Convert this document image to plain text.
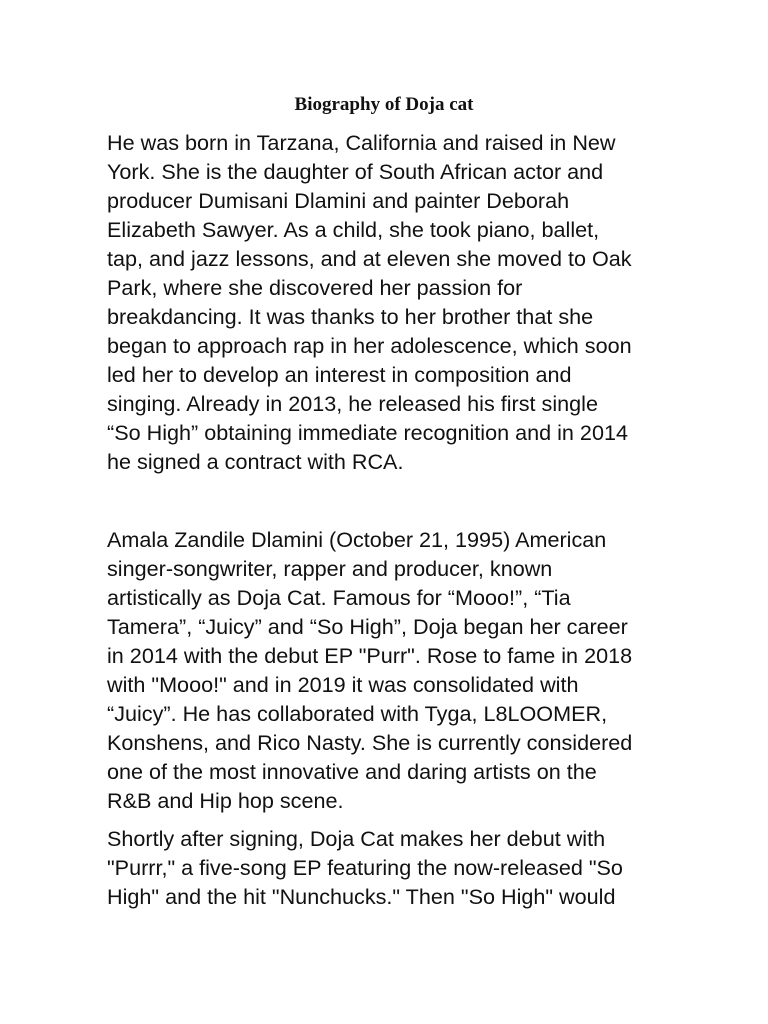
Biography of Doja cat

He was born in Tarzana, California and raised in New
York. She is the daughter of South African actor and
producer Dumisani Dlamini and painter Deborah
Elizabeth Sawyer. As a child, she took piano, ballet,
tap, and jazz lessons, and at eleven she moved to Oak
Park, where she discovered her passion for
breakdancing. It was thanks to her brother that she
began to approach rap in her adolescence, which soon
led her to develop an interest in composition and
singing. Already in 2013, he released his first single
“So High” obtaining immediate recognition and in 2014
he signed a contract with RCA.

Amala Zandile Dlamini (October 21, 1995) American
singer-songwriter, rapper and producer, known
artistically as Doja Cat. Famous for “Mooo!”, “Tia
Tamera”, “Juicy” and “So High”, Doja began her career
in 2014 with the debut EP "Purr". Rose to fame in 2018
with "Mooo!" and in 2019 it was consolidated with
“Juicy”. He has collaborated with Tyga, L8LOOMER,
Konshens, and Rico Nasty. She is currently considered
one of the most innovative and daring artists on the
R&B and Hip hop scene.

Shortly after signing, Doja Cat makes her debut with
"Purrr," a five-song EP featuring the now-released "So
High" and the hit "Nunchucks." Then "So High" would
